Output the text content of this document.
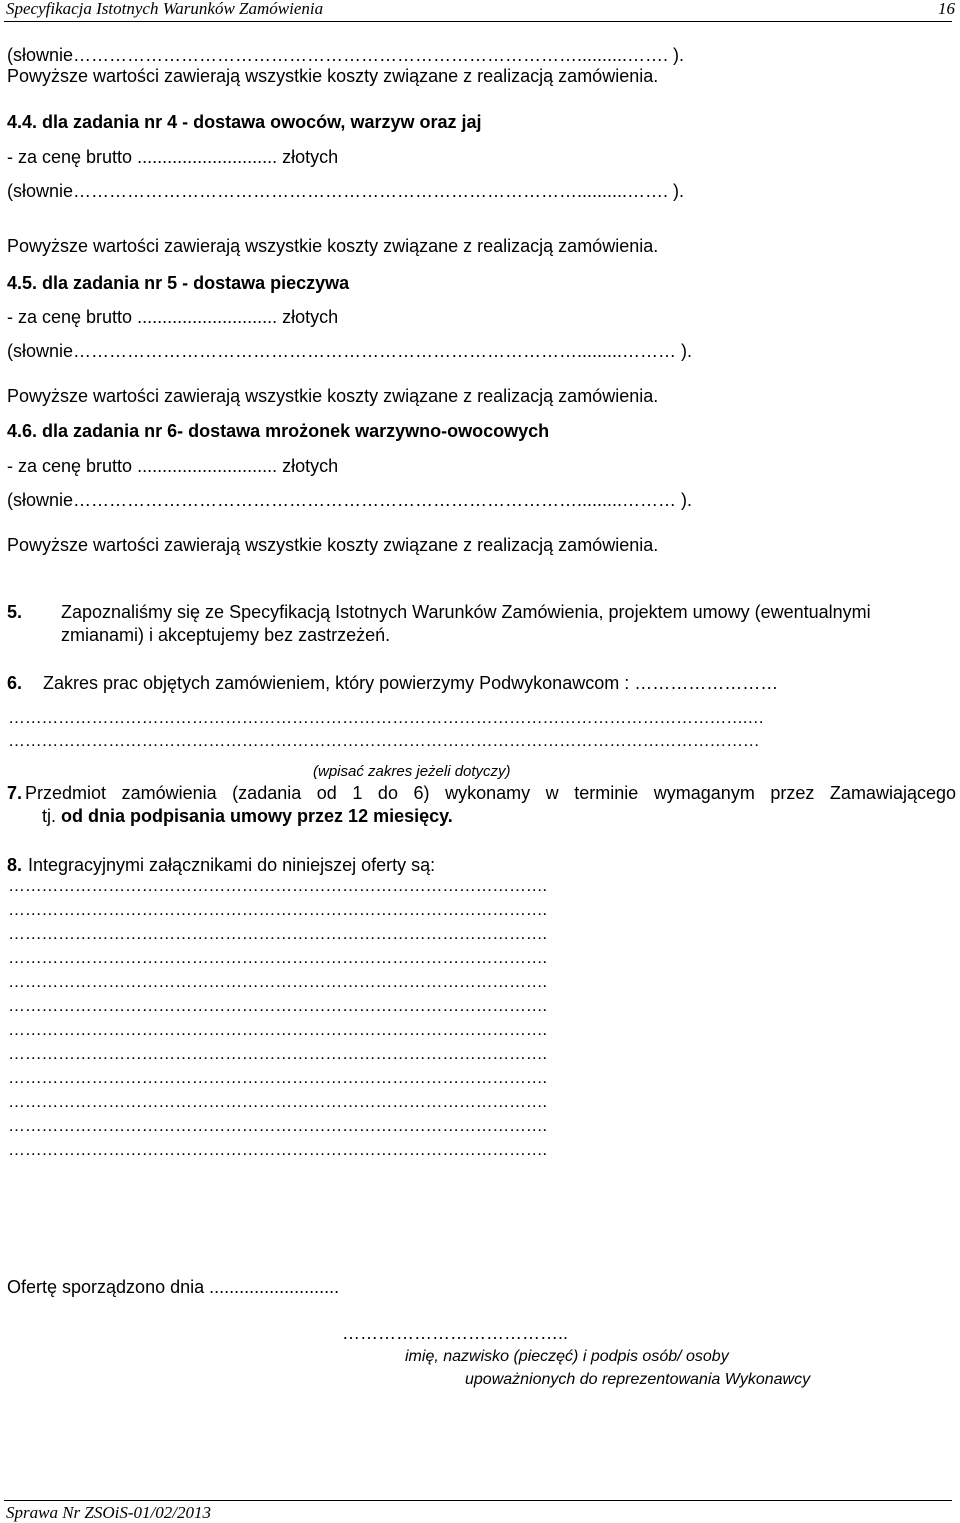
Specyfikacja Istotnych Warunków Zamówienia	16
(słownie…………………………………………………………………………..........……. ).
Powyższe wartości zawierają wszystkie koszty związane z realizacją zamówienia.
4.4. dla zadania nr 4 - dostawa owoców, warzyw oraz jaj
- za cenę brutto ............................ złotych
(słownie…………………………………………………………………………..........……. ).
Powyższe wartości zawierają wszystkie koszty związane z realizacją zamówienia.
4.5. dla zadania nr 5 - dostawa pieczywa
- za cenę brutto ............................ złotych
(słownie………………………………………………………………………….........……… ).
Powyższe wartości zawierają wszystkie koszty związane z realizacją zamówienia.
4.6. dla zadania nr 6- dostawa mrożonek warzywno-owocowych
- za cenę brutto ............................ złotych
(słownie………………………………………………………………………….........……… ).
Powyższe wartości zawierają wszystkie koszty związane z realizacją zamówienia.
5. Zapoznaliśmy się ze Specyfikacją Istotnych Warunków Zamówienia, projektem umowy (ewentualnymi
zmianami) i akceptujemy bez zastrzeżeń.
6. Zakres prac objętych zamówieniem, który powierzymy Podwykonawcom : ……………………
…………………………………………………………………………………………………………………….…
………………………………………………………………………………………………………………………
(wpisać zakres jeżeli dotyczy)
7. Przedmiot zamówienia (zadania od 1 do 6) wykonamy w terminie wymaganym przez Zamawiającego
tj. od dnia podpisania umowy przez 12 miesięcy.
8. Integracyjnymi załącznikami do niniejszej oferty są:
…………………………………………………………………………………….
…………………………………………………………………………………….
…………………………………………………………………………………….
…………………………………………………………………………………….
…………………………………………………………………………………….
…………………………………………………………………………………….
…………………………………………………………………………………….
…………………………………………………………………………………….
…………………………………………………………………………………….
…………………………………………………………………………………….
…………………………………………………………………………………….
…………………………………………………………………………………….
Ofertę sporządzono dnia ..........................
………………………………..
imię, nazwisko (pieczęć) i podpis osób/ osoby
upoważnionych do reprezentowania Wykonawcy
Sprawa Nr ZSOiS-01/02/2013
